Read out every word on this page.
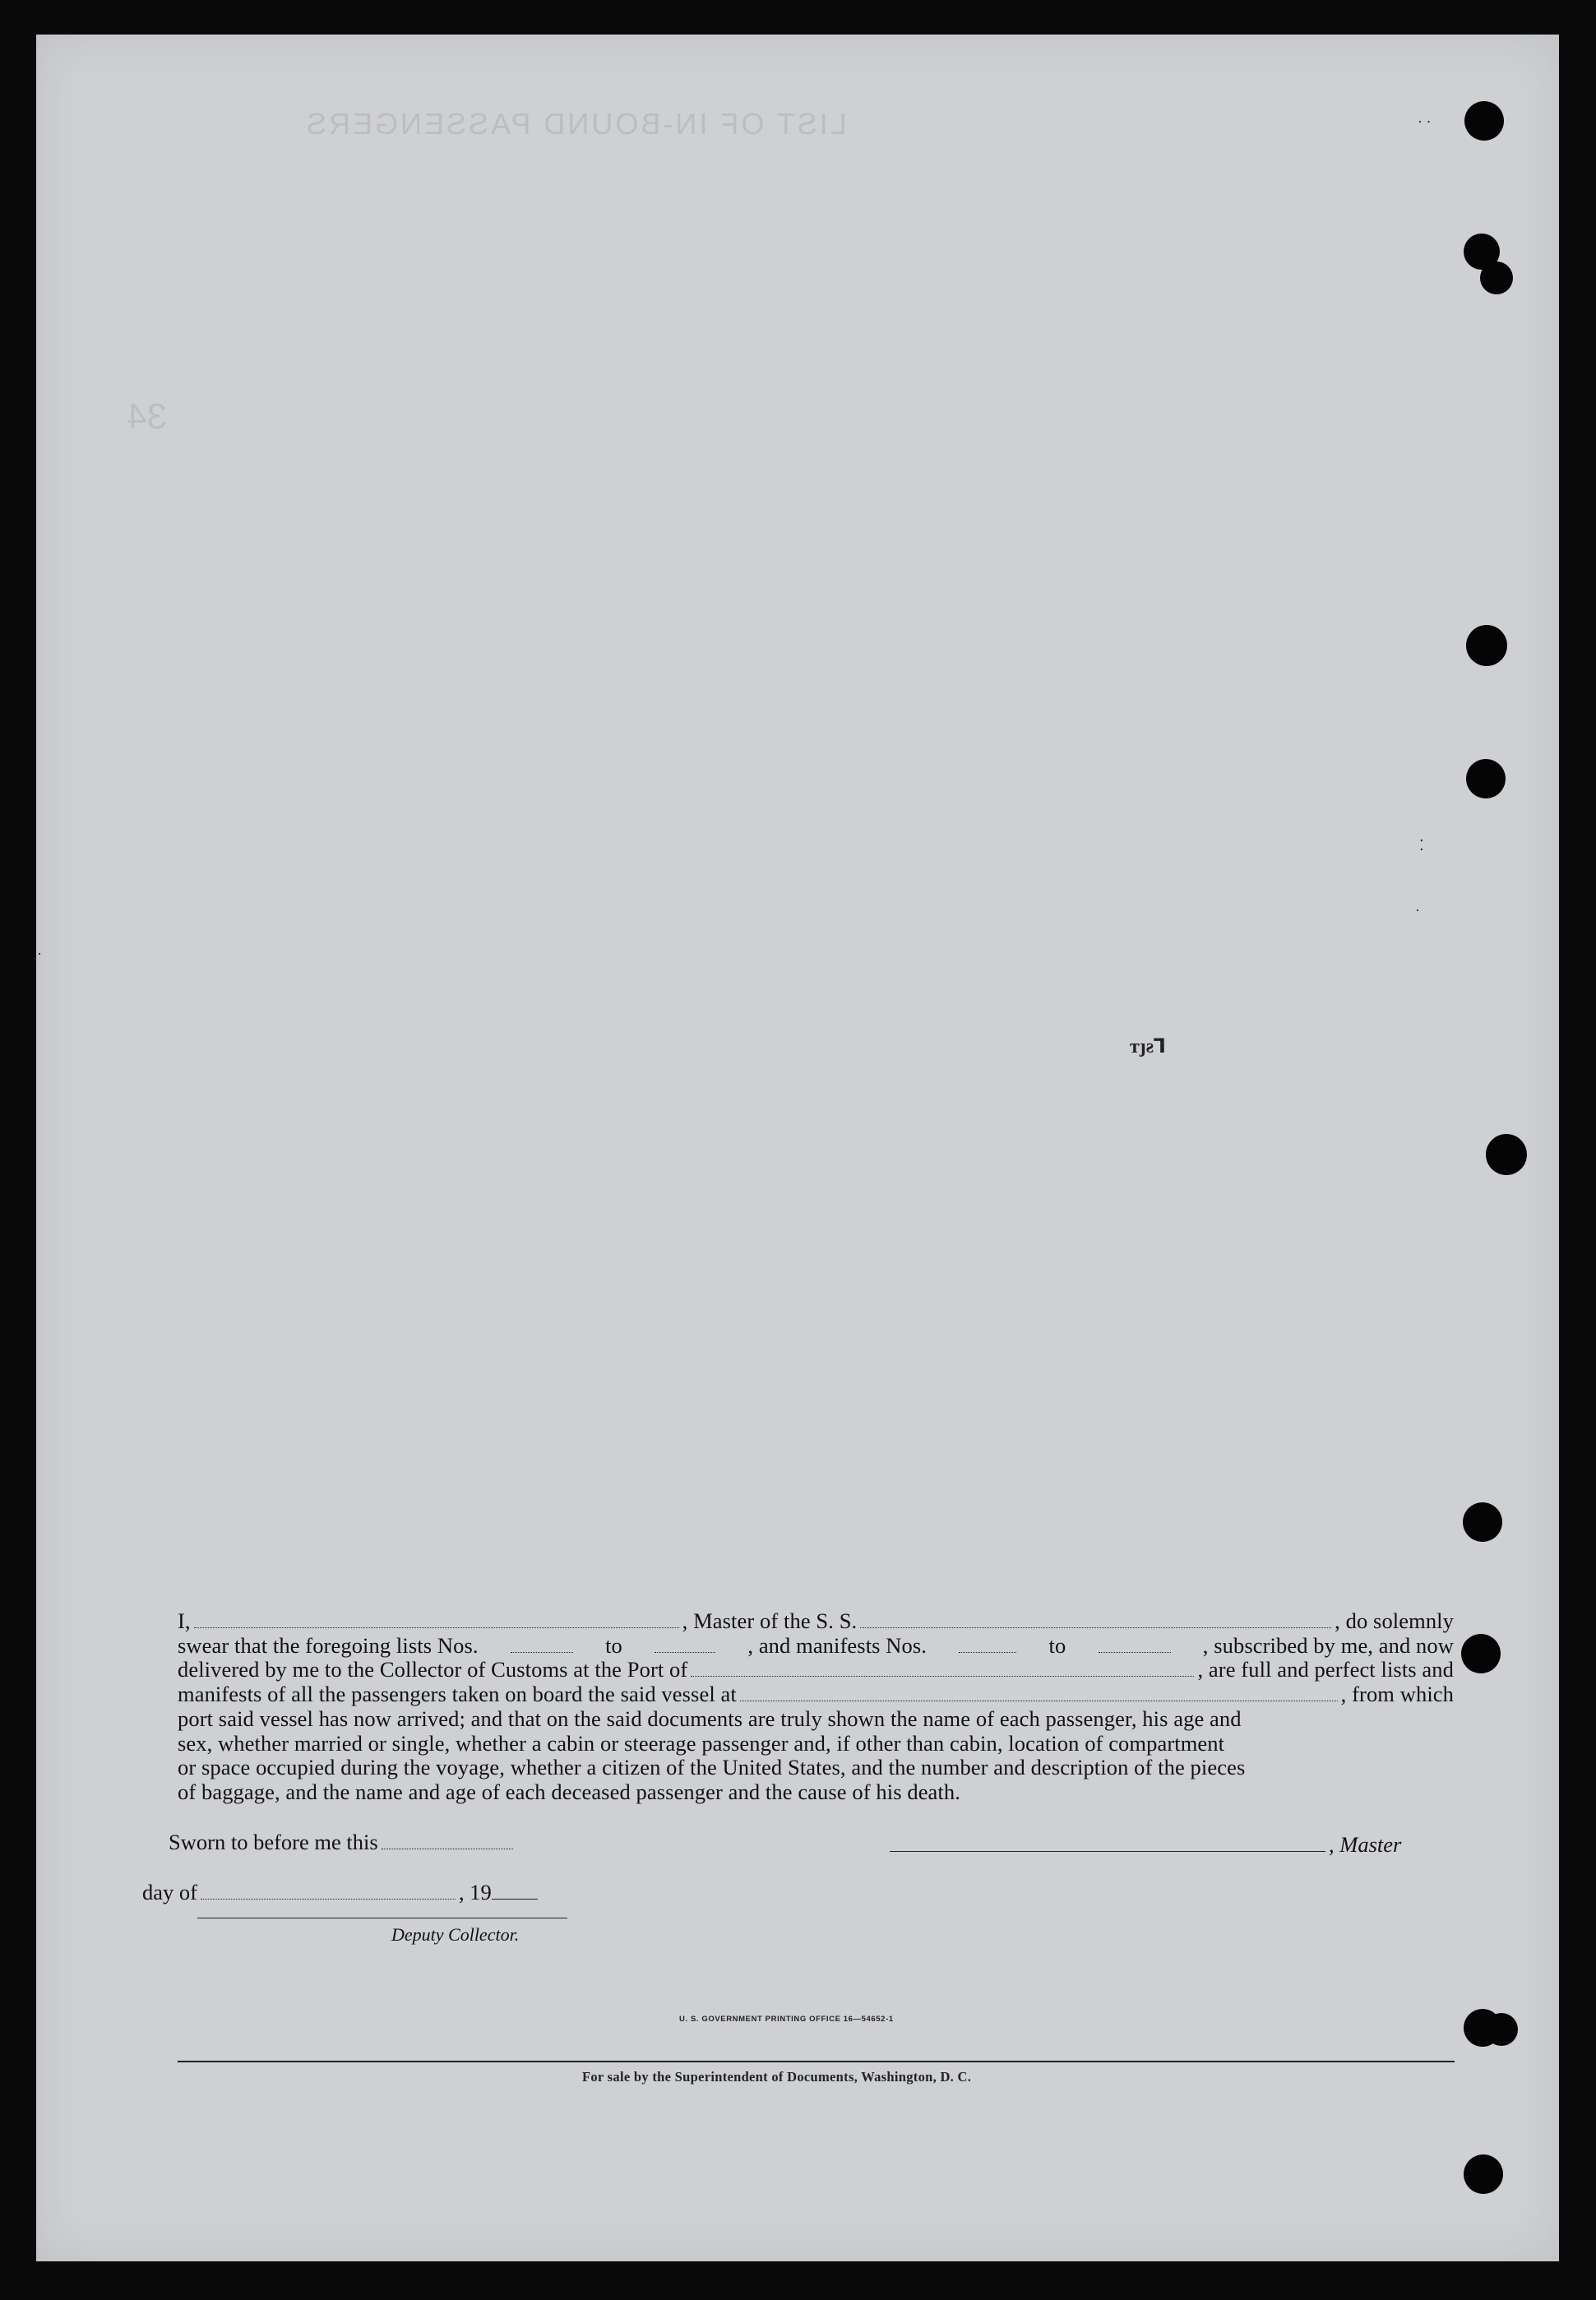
LIST OF IN-BOUND PASSENGERS
34
ᴛȷƨ⅂
⁚
·
· ·
‚·
I,	, Master of the S. S.	, do solemnly
swear that the foregoing lists Nos.	to	, and manifests Nos.	to	, subscribed by me, and now
delivered by me to the Collector of Customs at the Port of	, are full and perfect lists and
manifests of all the passengers taken on board the said vessel at	, from which
port said vessel has now arrived; and that on the said documents are truly shown the name of each passenger, his age and
sex, whether married or single, whether a cabin or steerage passenger and, if other than cabin, location of compartment
or space occupied during the voyage, whether a citizen of the United States, and the number and description of the pieces
of baggage, and the name and age of each deceased passenger and the cause of his death.
Sworn to before me this	, Master
day of	, 19
Deputy Collector.
U. S. GOVERNMENT PRINTING OFFICE 16—54652-1
For sale by the Superintendent of Documents, Washington, D. C.
